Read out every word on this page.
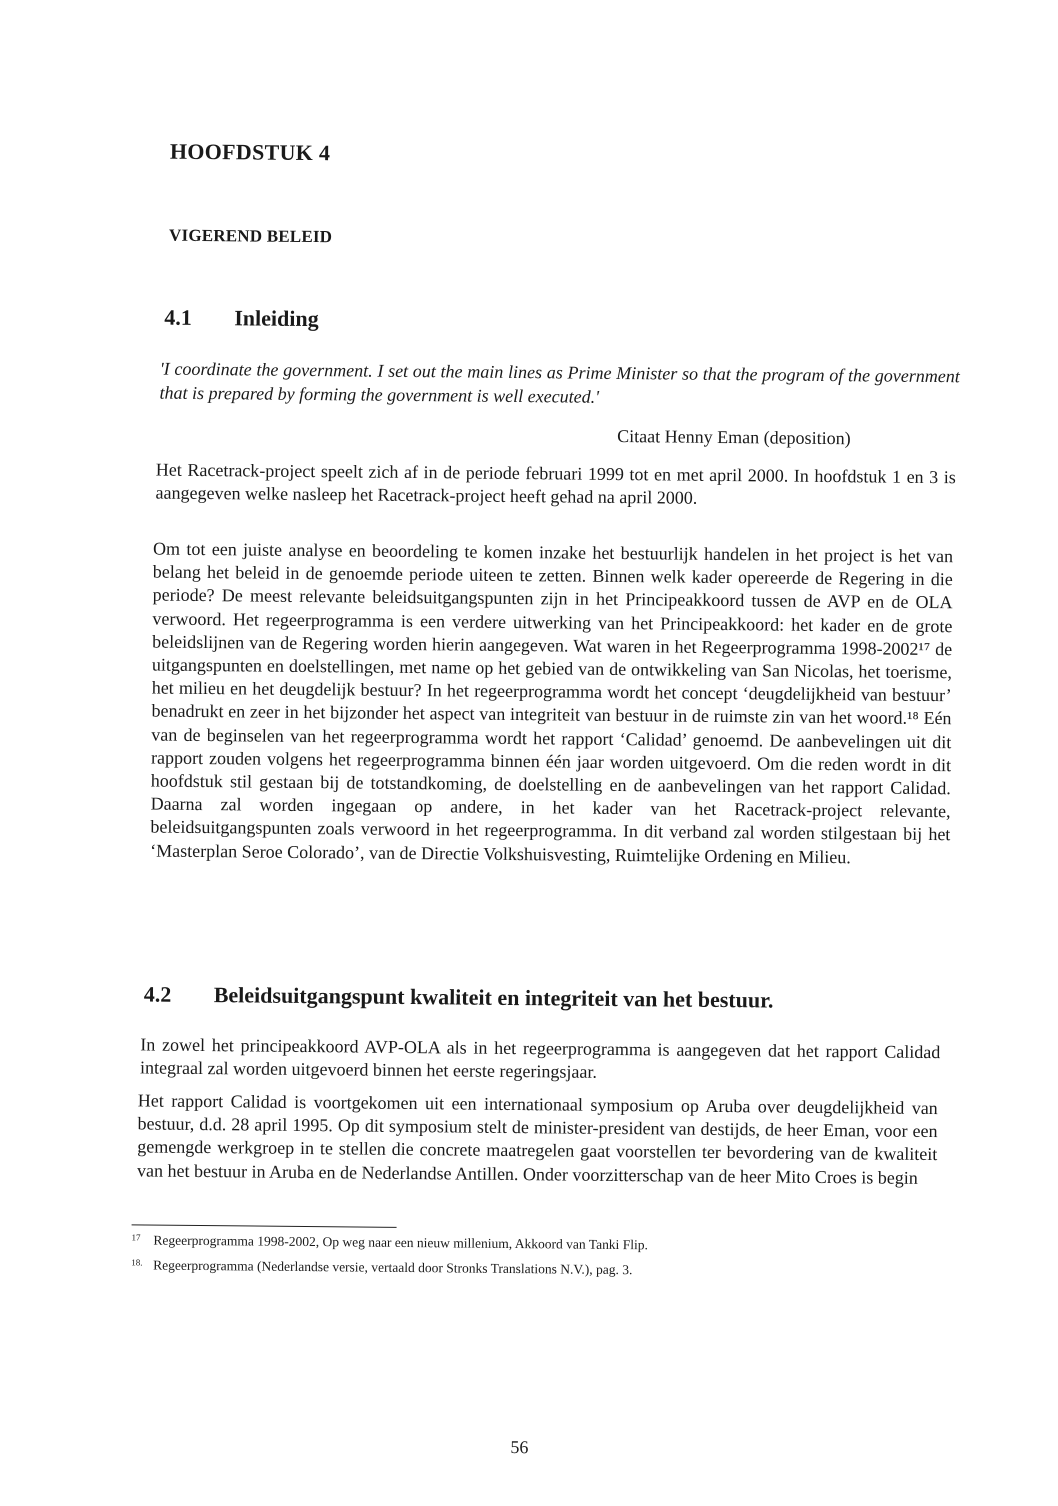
HOOFDSTUK 4
VIGEREND BELEID
4.1	Inleiding
'I coordinate the government. I set out the main lines as Prime Minister so that the program of the government that is prepared by forming the government is well executed.'
Citaat Henny Eman (deposition)
Het Racetrack-project speelt zich af in de periode februari 1999 tot en met april 2000. In hoofdstuk 1 en 3 is aangegeven welke nasleep het Racetrack-project heeft gehad na april 2000.
Om tot een juiste analyse en beoordeling te komen inzake het bestuurlijk handelen in het project is het van belang het beleid in de genoemde periode uiteen te zetten. Binnen welk kader opereerde de Regering in die periode? De meest relevante beleidsuitgangspunten zijn in het Principeakkoord tussen de AVP en de OLA verwoord. Het regeerprogramma is een verdere uitwerking van het Principeakkoord: het kader en de grote beleidslijnen van de Regering worden hierin aangegeven. Wat waren in het Regeerprogramma 1998-2002¹⁷ de uitgangspunten en doelstellingen, met name op het gebied van de ontwikkeling van San Nicolas, het toerisme, het milieu en het deugdelijk bestuur? In het regeerprogramma wordt het concept ‘deugdelijkheid van bestuur’ benadrukt en zeer in het bijzonder het aspect van integriteit van bestuur in de ruimste zin van het woord.¹⁸ Eén van de beginselen van het regeerprogramma wordt het rapport ‘Calidad’ genoemd. De aanbevelingen uit dit rapport zouden volgens het regeerprogramma binnen één jaar worden uitgevoerd. Om die reden wordt in dit hoofdstuk stil gestaan bij de totstandkoming, de doelstelling en de aanbevelingen van het rapport Calidad. Daarna zal worden ingegaan op andere, in het kader van het Racetrack-project relevante, beleidsuitgangspunten zoals verwoord in het regeerprogramma. In dit verband zal worden stilgestaan bij het ‘Masterplan Seroe Colorado’, van de Directie Volkshuisvesting, Ruimtelijke Ordening en Milieu.
4.2	Beleidsuitgangspunt kwaliteit en integriteit van het bestuur.
In zowel het principeakkoord AVP-OLA als in het regeerprogramma is aangegeven dat het rapport Calidad integraal zal worden uitgevoerd binnen het eerste regeringsjaar.
Het rapport Calidad is voortgekomen uit een internationaal symposium op Aruba over deugdelijkheid van bestuur, d.d. 28 april 1995. Op dit symposium stelt de minister-president van destijds, de heer Eman, voor een gemengde werkgroep in te stellen die concrete maatregelen gaat voorstellen ter bevordering van de kwaliteit van het bestuur in Aruba en de Nederlandse Antillen. Onder voorzitterschap van de heer Mito Croes is begin
17 Regeerprogramma 1998-2002, Op weg naar een nieuw millenium, Akkoord van Tanki Flip.
18. Regeerprogramma (Nederlandse versie, vertaald door Stronks Translations N.V.), pag. 3.
56
